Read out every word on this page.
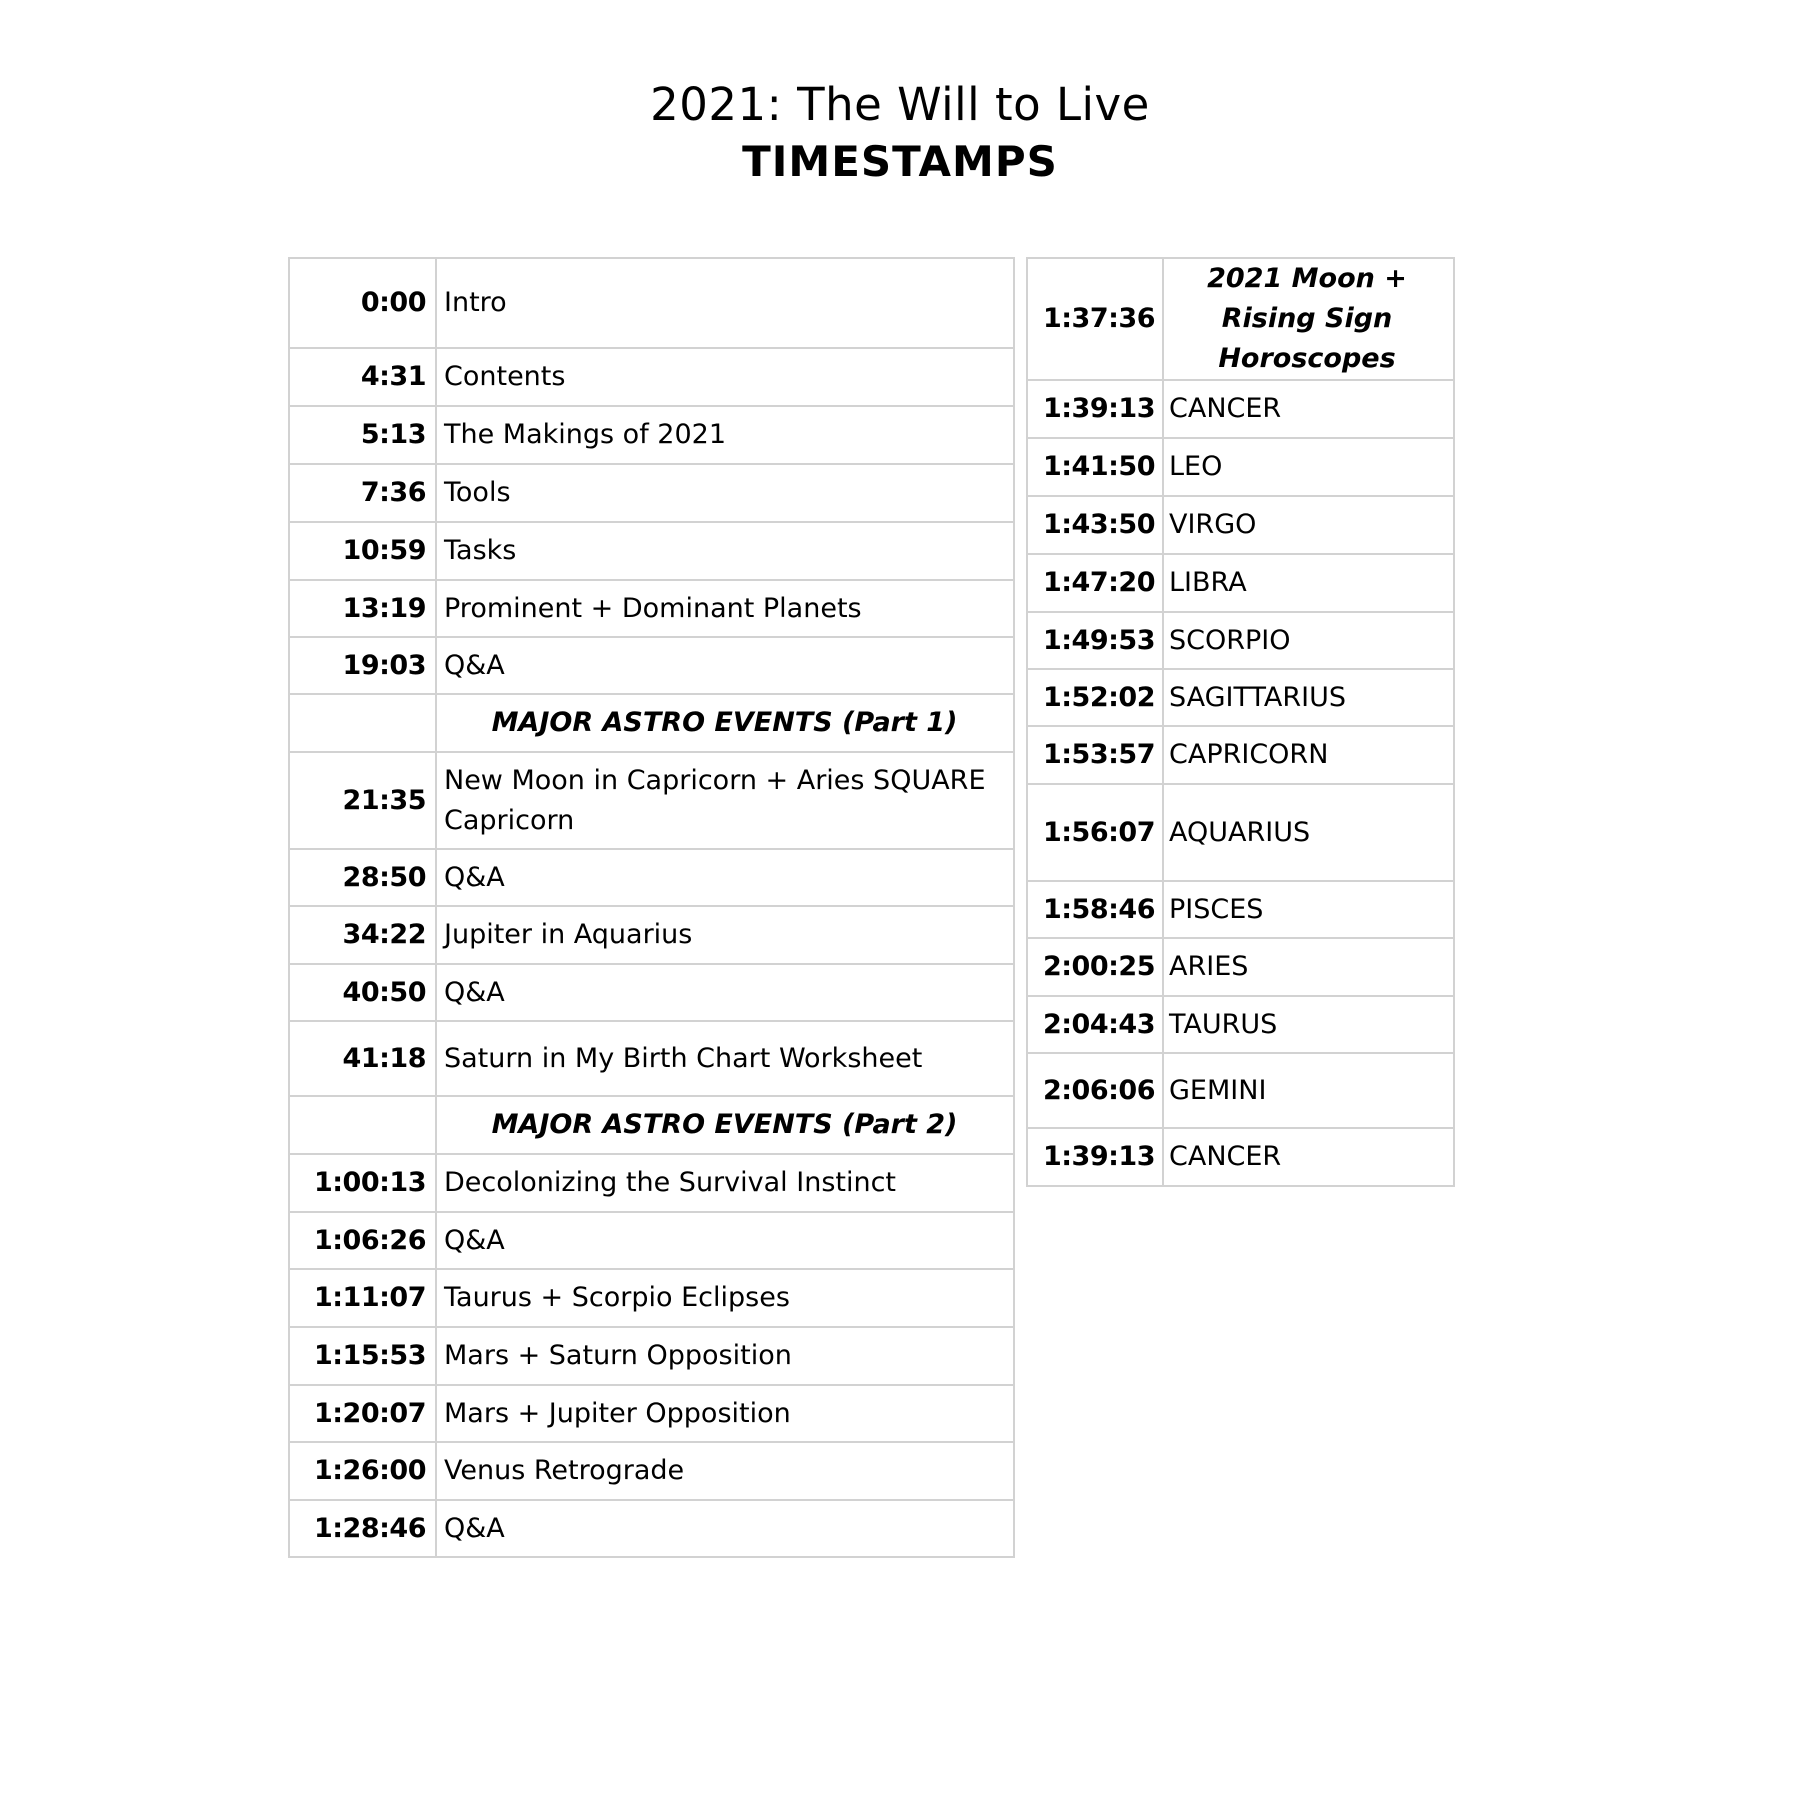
2021: The Will to Live
TIMESTAMPS
0:00	Intro
4:31	Contents
5:13	The Makings of 2021
7:36	Tools
10:59	Tasks
13:19	Prominent + Dominant Planets
19:03	Q&A
	MAJOR ASTRO EVENTS (Part 1)
21:35	New Moon in Capricorn + Aries SQUARE Capricorn
28:50	Q&A
34:22	Jupiter in Aquarius
40:50	Q&A
41:18	Saturn in My Birth Chart Worksheet
	MAJOR ASTRO EVENTS (Part 2)
1:00:13	Decolonizing the Survival Instinct
1:06:26	Q&A
1:11:07	Taurus + Scorpio Eclipses
1:15:53	Mars + Saturn Opposition
1:20:07	Mars + Jupiter Opposition
1:26:00	Venus Retrograde
1:28:46	Q&A
1:37:36	2021 Moon + Rising Sign Horoscopes
1:39:13	CANCER
1:41:50	LEO
1:43:50	VIRGO
1:47:20	LIBRA
1:49:53	SCORPIO
1:52:02	SAGITTARIUS
1:53:57	CAPRICORN
1:56:07	AQUARIUS
1:58:46	PISCES
2:00:25	ARIES
2:04:43	TAURUS
2:06:06	GEMINI
1:39:13	CANCER
